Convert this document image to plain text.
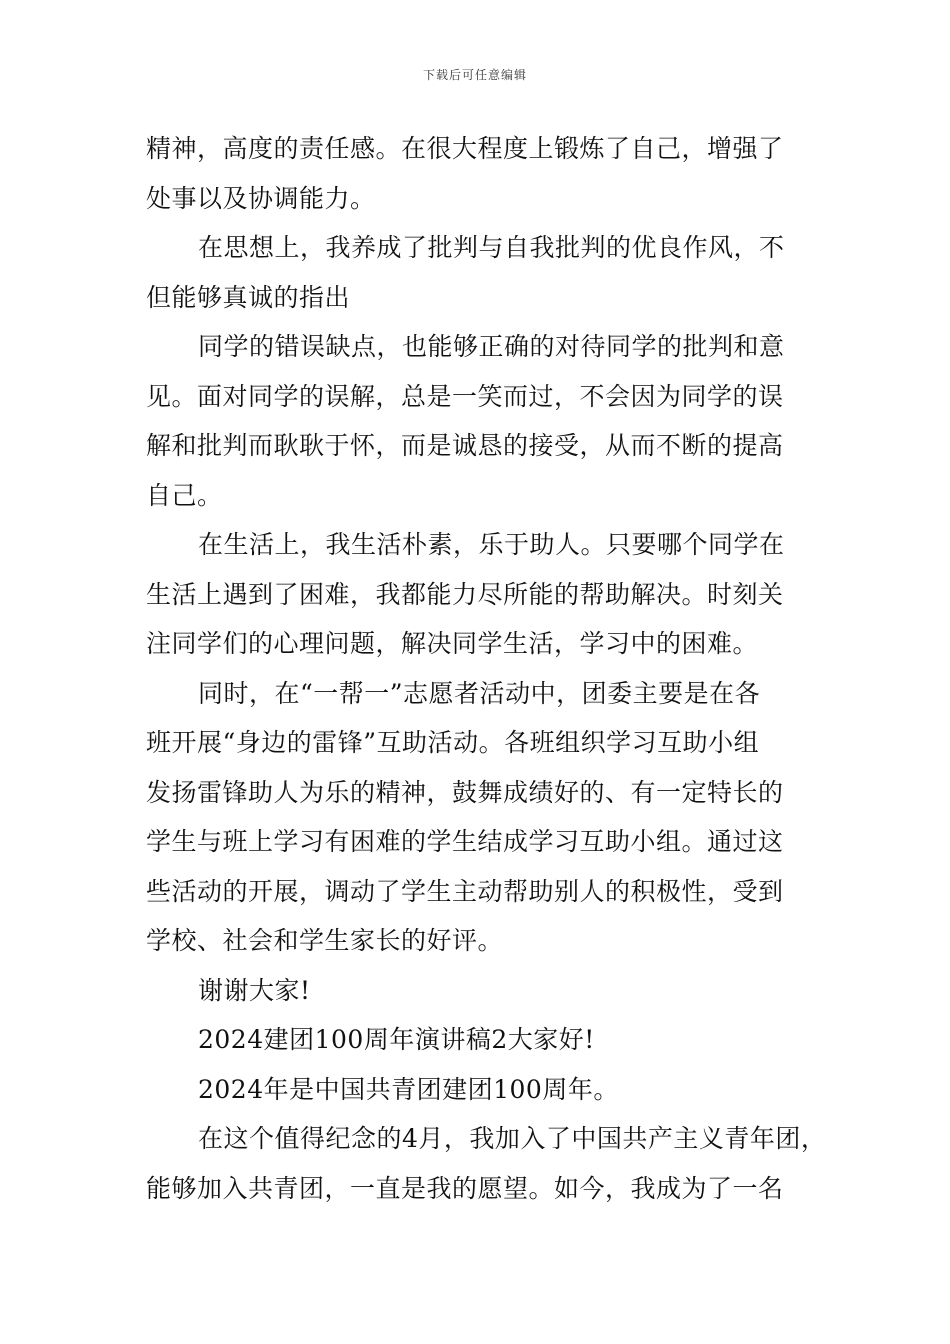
下载后可任意编辑
精神，高度的责任感。在很大程度上锻炼了自己，增强了
处事以及协调能力。
在思想上，我养成了批判与自我批判的优良作风，不
但能够真诚的指出
同学的错误缺点，也能够正确的对待同学的批判和意
见。面对同学的误解，总是一笑而过，不会因为同学的误
解和批判而耿耿于怀，而是诚恳的接受，从而不断的提高
自己。
在生活上，我生活朴素，乐于助人。只要哪个同学在
生活上遇到了困难，我都能力尽所能的帮助解决。时刻关
注同学们的心理问题，解决同学生活，学习中的困难。
同时，在“一帮一”志愿者活动中，团委主要是在各
班开展“身边的雷锋”互助活动。各班组织学习互助小组
发扬雷锋助人为乐的精神，鼓舞成绩好的、有一定特长的
学生与班上学习有困难的学生结成学习互助小组。通过这
些活动的开展，调动了学生主动帮助别人的积极性，受到
学校、社会和学生家长的好评。
谢谢大家!
2024建团100周年演讲稿2大家好!
2024年是中国共青团建团100周年。
在这个值得纪念的4月，我加入了中国共产主义青年团，
能够加入共青团，一直是我的愿望。如今，我成为了一名
